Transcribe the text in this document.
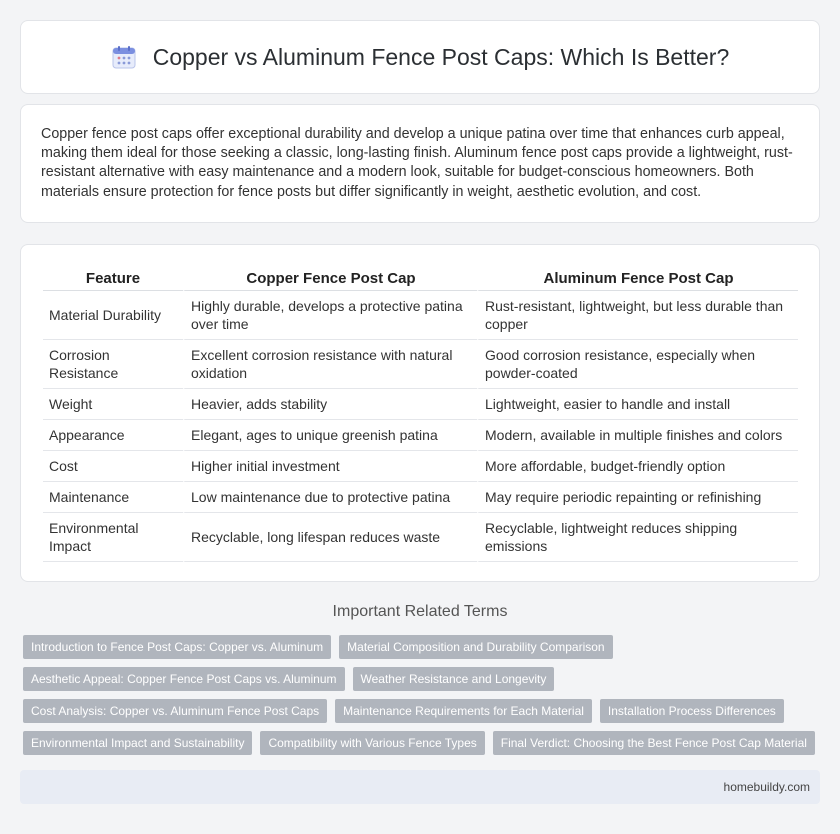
Copper vs Aluminum Fence Post Caps: Which Is Better?

Copper fence post caps offer exceptional durability and develop a unique patina over time that enhances curb appeal, making them ideal for those seeking a classic, long-lasting finish. Aluminum fence post caps provide a lightweight, rust-resistant alternative with easy maintenance and a modern look, suitable for budget-conscious homeowners. Both materials ensure protection for fence posts but differ significantly in weight, aesthetic evolution, and cost.

Feature	Copper Fence Post Cap	Aluminum Fence Post Cap
Material Durability	Highly durable, develops a protective patina over time	Rust-resistant, lightweight, but less durable than copper
Corrosion Resistance	Excellent corrosion resistance with natural oxidation	Good corrosion resistance, especially when powder-coated
Weight	Heavier, adds stability	Lightweight, easier to handle and install
Appearance	Elegant, ages to unique greenish patina	Modern, available in multiple finishes and colors
Cost	Higher initial investment	More affordable, budget-friendly option
Maintenance	Low maintenance due to protective patina	May require periodic repainting or refinishing
Environmental Impact	Recyclable, long lifespan reduces waste	Recyclable, lightweight reduces shipping emissions
Important Related Terms
Introduction to Fence Post Caps: Copper vs. Aluminum	Material Composition and Durability Comparison
Aesthetic Appeal: Copper Fence Post Caps vs. Aluminum	Weather Resistance and Longevity
Cost Analysis: Copper vs. Aluminum Fence Post Caps	Maintenance Requirements for Each Material	Installation Process Differences
Environmental Impact and Sustainability	Compatibility with Various Fence Types	Final Verdict: Choosing the Best Fence Post Cap Material
homebuildy.com
